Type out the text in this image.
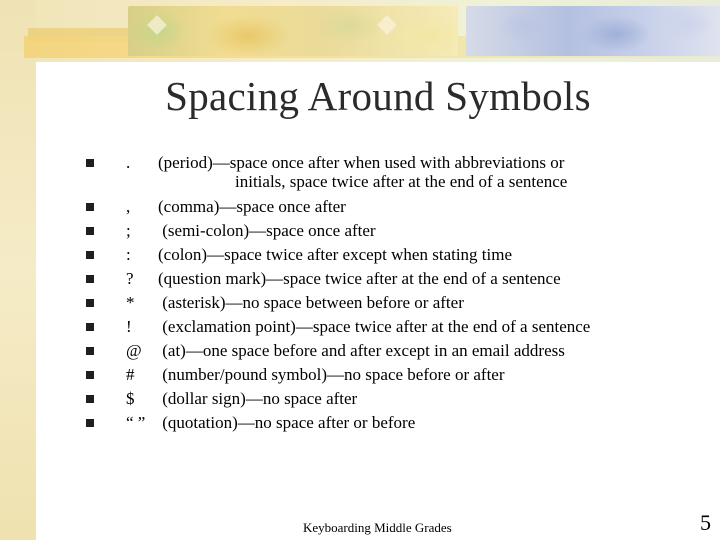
Spacing Around Symbols
. (period)—space once after when used with abbreviations or
initials, space twice after at the end of a sentence
, (comma)—space once after
; (semi-colon)—space once after
: (colon)—space twice after except when stating time
? (question mark)—space twice after at the end of a sentence
* (asterisk)—no space between before or after
! (exclamation point)—space twice after at the end of a sentence
@ (at)—one space before and after except in an email address
# (number/pound symbol)—no space before or after
$ (dollar sign)—no space after
“ ” (quotation)—no space after or before
Keyboarding Middle Grades	5
